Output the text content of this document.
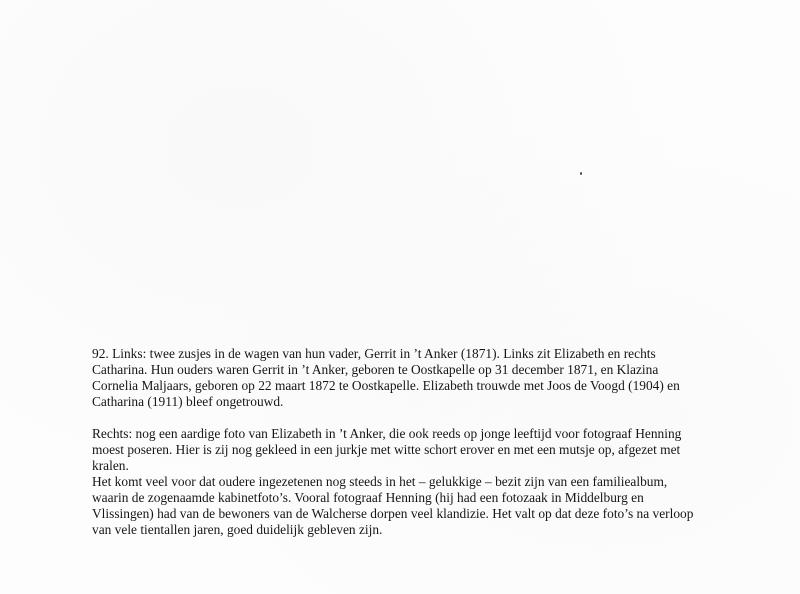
92. Links: twee zusjes in de wagen van hun vader, Gerrit in ’t Anker (1871). Links zit Elizabeth en rechts
Catharina. Hun ouders waren Gerrit in ’t Anker, geboren te Oostkapelle op 31 december 1871, en Klazina
Cornelia Maljaars, geboren op 22 maart 1872 te Oostkapelle. Elizabeth trouwde met Joos de Voogd (1904) en
Catharina (1911) bleef ongetrouwd.

Rechts: nog een aardige foto van Elizabeth in ’t Anker, die ook reeds op jonge leeftijd voor fotograaf Henning
moest poseren. Hier is zij nog gekleed in een jurkje met witte schort erover en met een mutsje op, afgezet met
kralen.

Het komt veel voor dat oudere ingezetenen nog steeds in het – gelukkige – bezit zijn van een familiealbum,
waarin de zogenaamde kabinetfoto’s. Vooral fotograaf Henning (hij had een fotozaak in Middelburg en
Vlissingen) had van de bewoners van de Walcherse dorpen veel klandizie. Het valt op dat deze foto’s na verloop
van vele tientallen jaren, goed duidelijk gebleven zijn.
